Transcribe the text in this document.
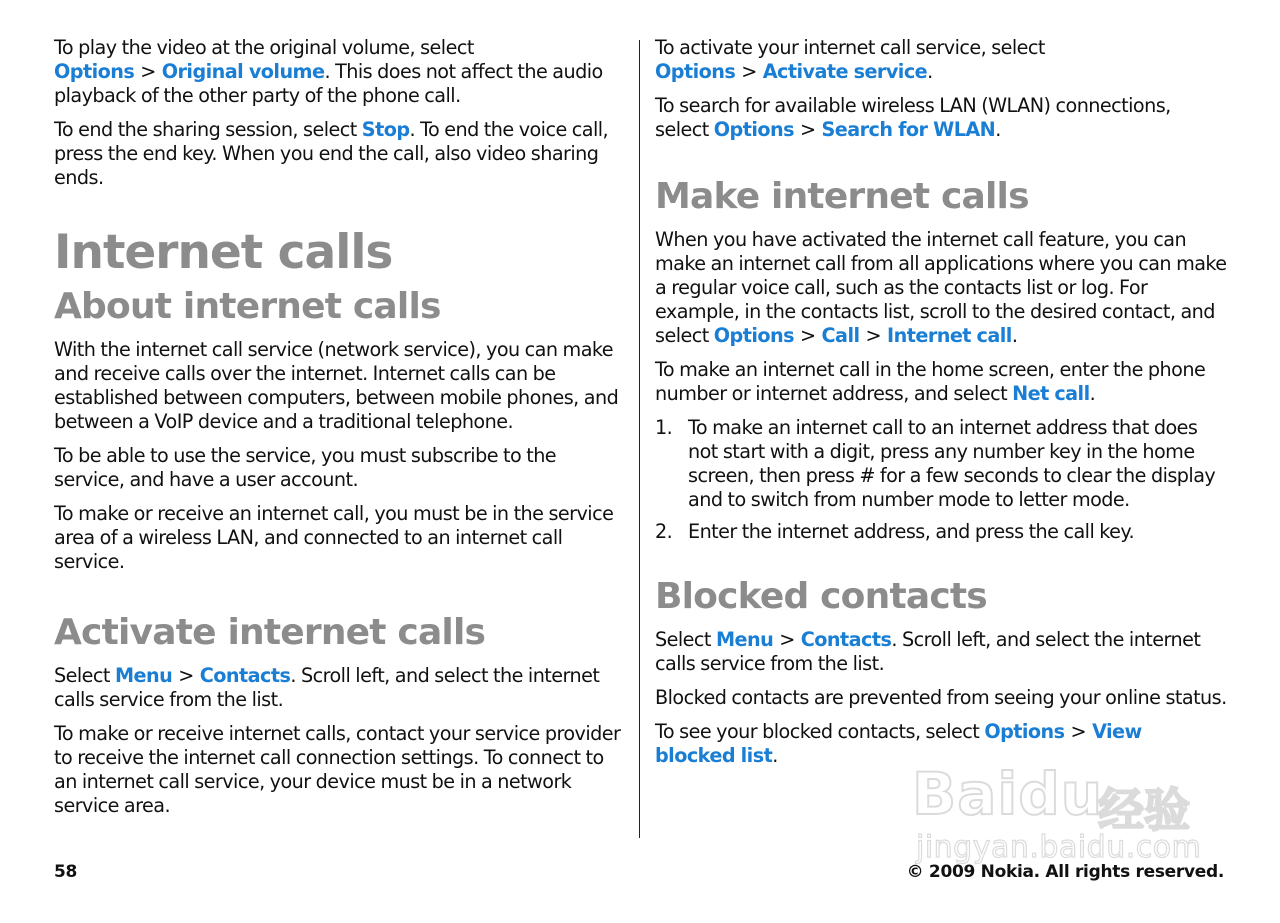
To play the video at the original volume, select Options > Original volume. This does not affect the audio playback of the other party of the phone call.

To end the sharing session, select Stop. To end the voice call, press the end key. When you end the call, also video sharing ends.

Internet calls
About internet calls

With the internet call service (network service), you can make and receive calls over the internet. Internet calls can be established between computers, between mobile phones, and between a VoIP device and a traditional telephone.

To be able to use the service, you must subscribe to the service, and have a user account.

To make or receive an internet call, you must be in the service area of a wireless LAN, and connected to an internet call service.

Activate internet calls

Select Menu > Contacts. Scroll left, and select the internet calls service from the list.

To make or receive internet calls, contact your service provider to receive the internet call connection settings. To connect to an internet call service, your device must be in a network service area.

To activate your internet call service, select Options > Activate service.

To search for available wireless LAN (WLAN) connections, select Options > Search for WLAN.

Make internet calls

When you have activated the internet call feature, you can make an internet call from all applications where you can make a regular voice call, such as the contacts list or log. For example, in the contacts list, scroll to the desired contact, and select Options > Call > Internet call.

To make an internet call in the home screen, enter the phone number or internet address, and select Net call.

1. To make an internet call to an internet address that does not start with a digit, press any number key in the home screen, then press # for a few seconds to clear the display and to switch from number mode to letter mode.
2. Enter the internet address, and press the call key.
Blocked contacts

Select Menu > Contacts. Scroll left, and select the internet calls service from the list.

Blocked contacts are prevented from seeing your online status.

To see your blocked contacts, select Options > View blocked list.

Baidu
经验
jingyan.baidu.com
58	© 2009 Nokia. All rights reserved.
